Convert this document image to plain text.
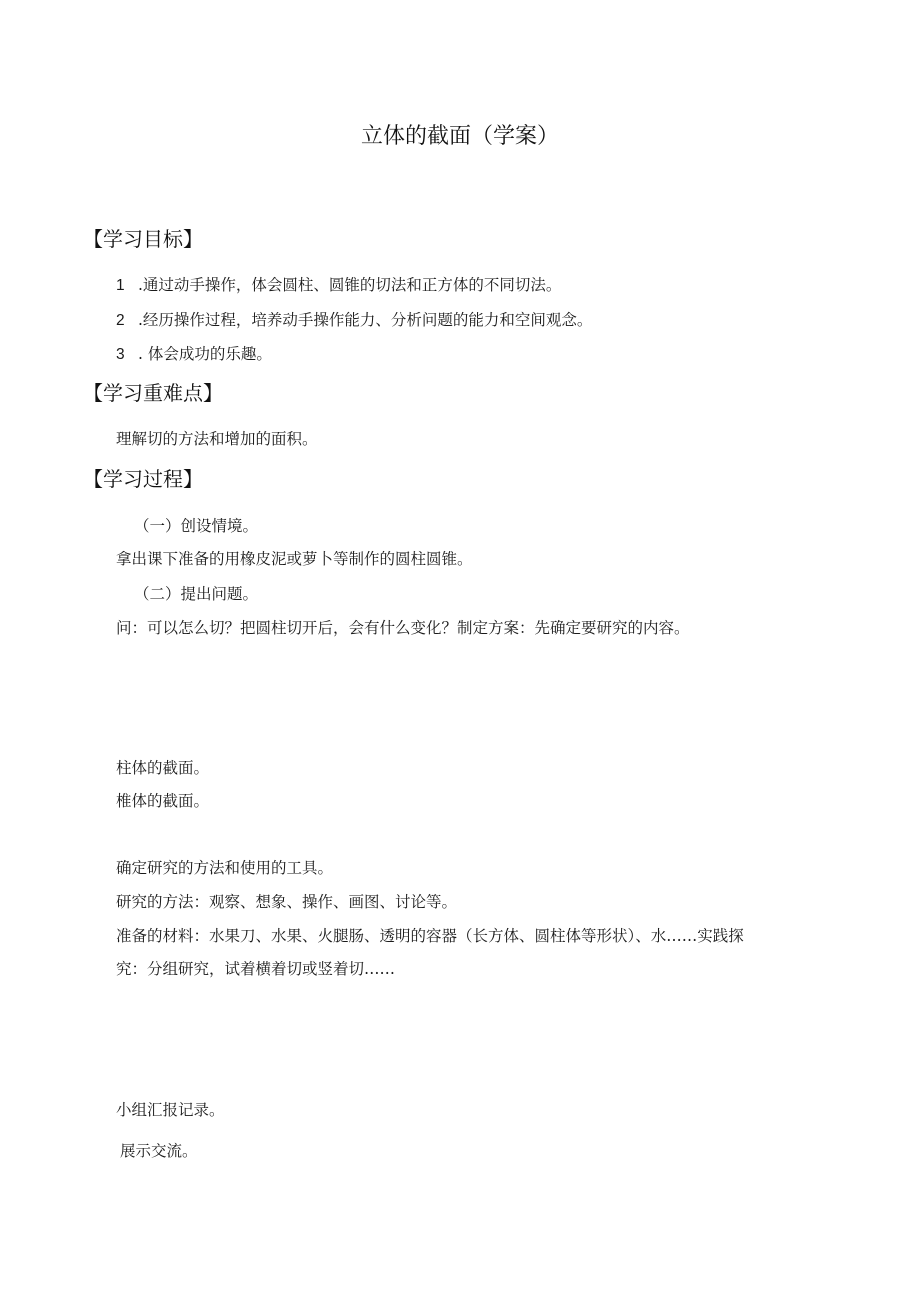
立体的截面（学案）
【学习目标】
1 .通过动手操作，体会圆柱、圆锥的切法和正方体的不同切法。
2 .经历操作过程，培养动手操作能力、分析问题的能力和空间观念。
3 . 体会成功的乐趣。
【学习重难点】
理解切的方法和增加的面积。
【学习过程】
（一）创设情境。
拿出课下准备的用橡皮泥或萝卜等制作的圆柱圆锥。
（二）提出问题。
问：可以怎么切？把圆柱切开后，会有什么变化？制定方案：先确定要研究的内容。
柱体的截面。
椎体的截面。
确定研究的方法和使用的工具。
研究的方法：观察、想象、操作、画图、讨论等。
准备的材料：水果刀、水果、火腿肠、透明的容器（长方体、圆柱体等形状）、水……实践探
究：分组研究，试着横着切或竖着切……
小组汇报记录。
展示交流。
